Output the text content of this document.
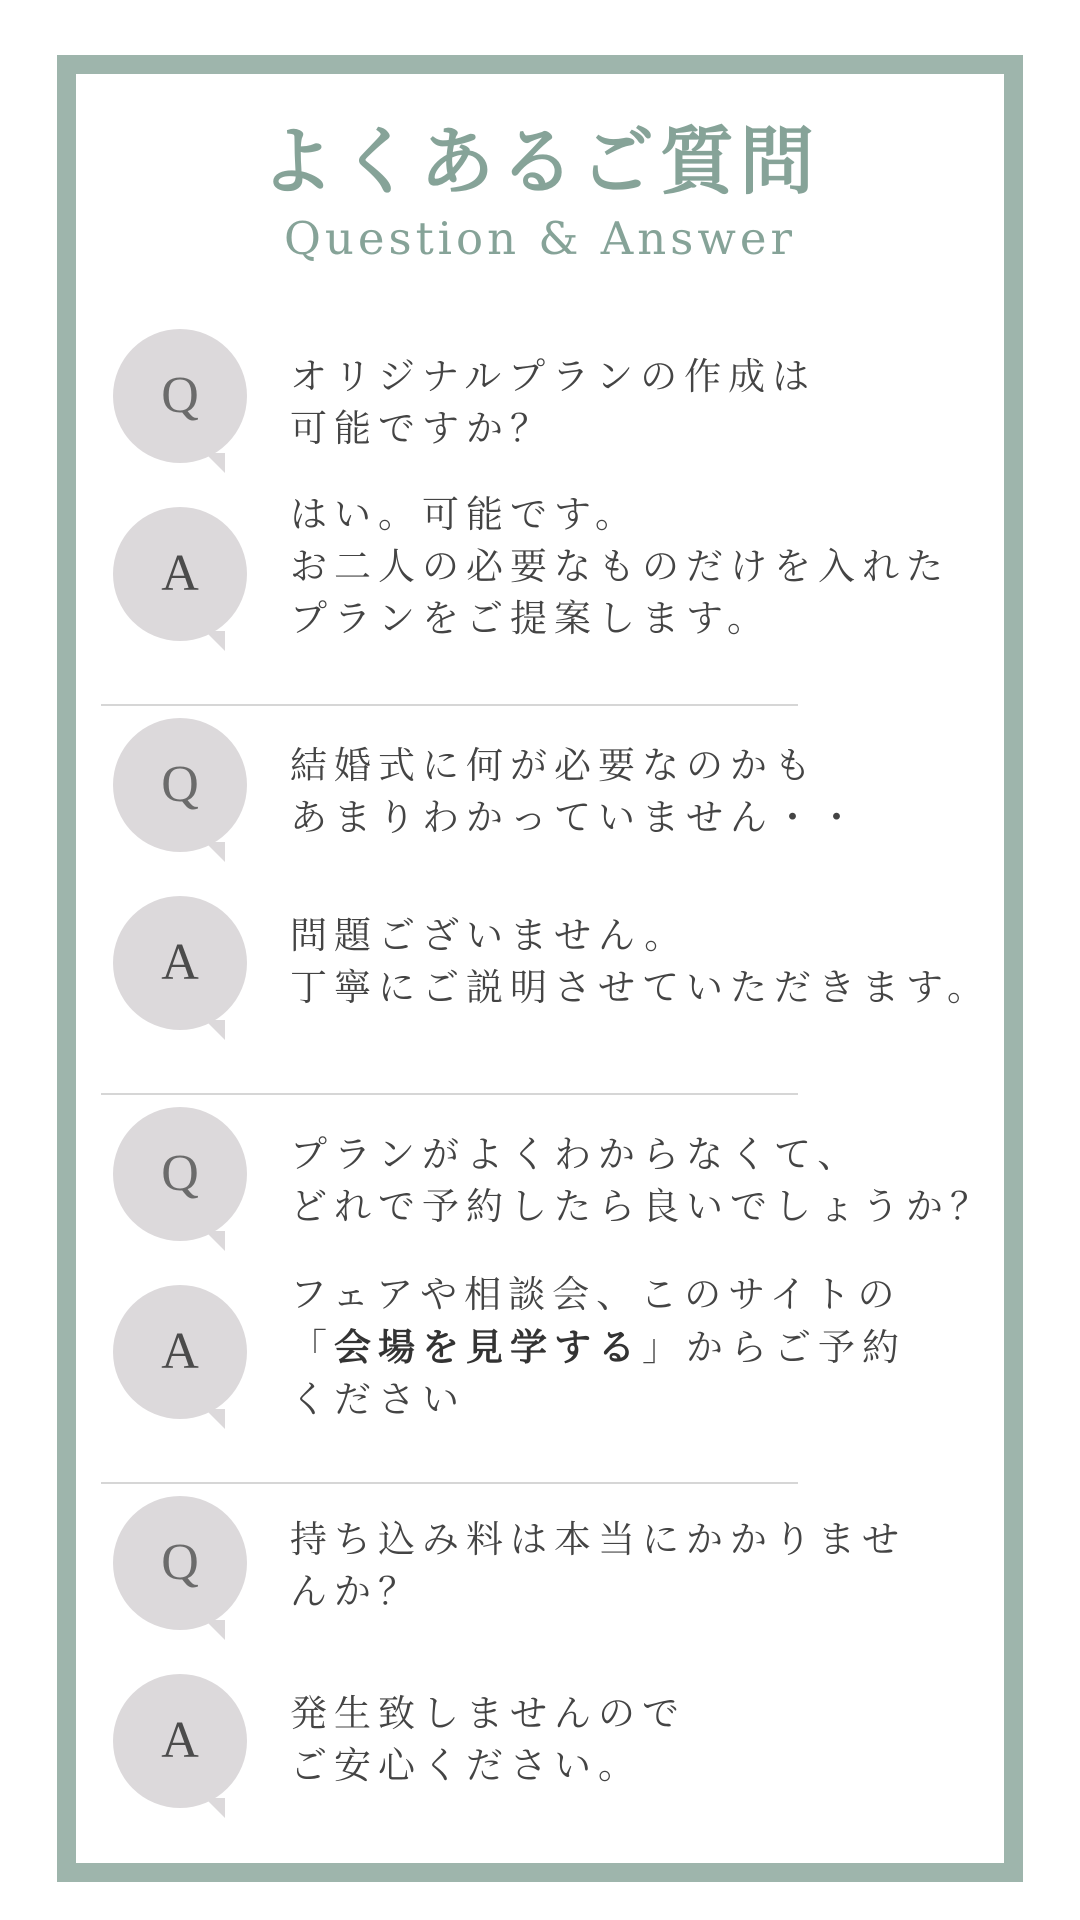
よくあるご質問
Question & Answer
Q	オリジナルプランの作成は
可能ですか？
A
はい。可能です。
お二人の必要なものだけを入れた
プランをご提案します。
Q	結婚式に何が必要なのかも
あまりわかっていません・・
A	問題ございません。
丁寧にご説明させていただきます。
Q	プランがよくわからなくて、
どれで予約したら良いでしょうか？
A
フェアや相談会、このサイトの
「会場を見学する」からご予約
ください
Q	持ち込み料は本当にかかりませ
んか？
A	発生致しませんので
ご安心ください。
